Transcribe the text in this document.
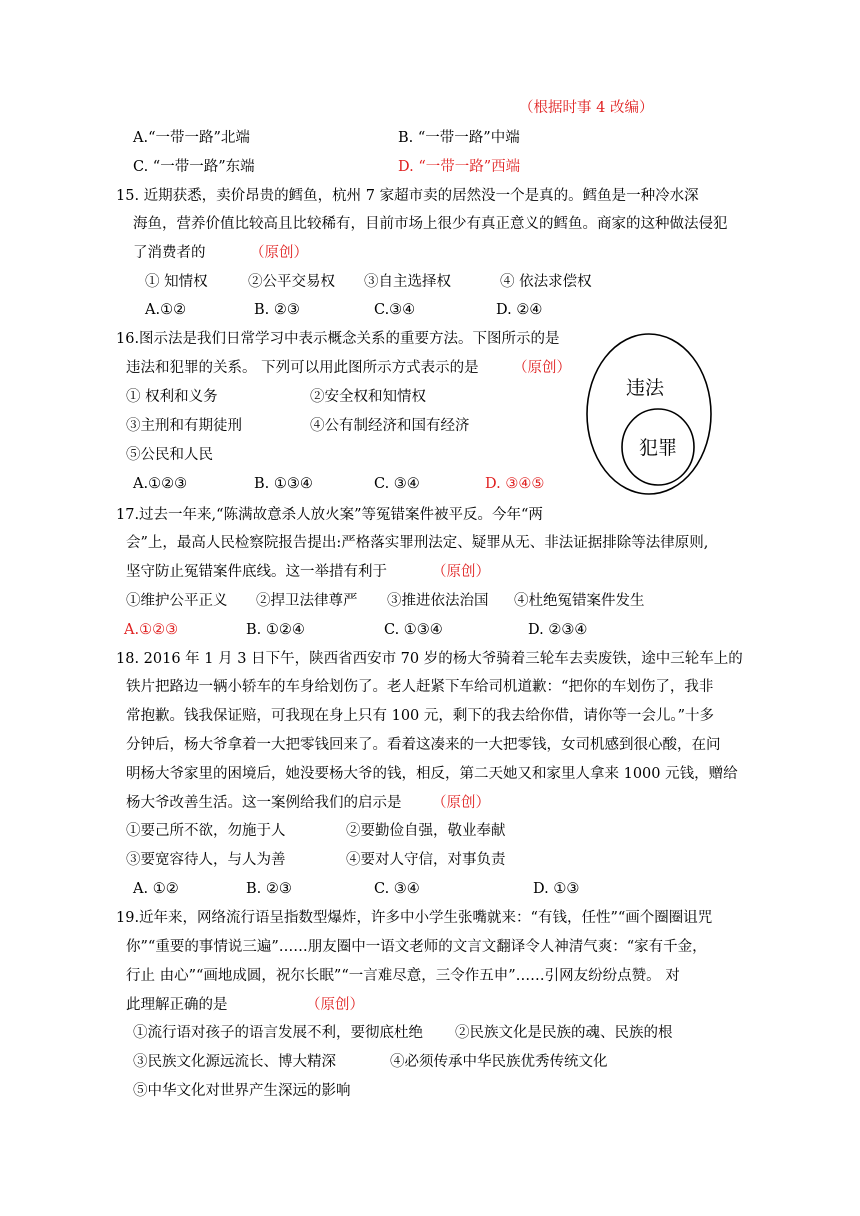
（根据时事 4 改编）
A.“一带一路”北端	B. “一带一路”中端
C. “一带一路”东端	D. “一带一路”西端
15. 近期获悉，卖价昂贵的鳕鱼，杭州 7 家超市卖的居然没一个是真的。鳕鱼是一种冷水深
海鱼，营养价值比较高且比较稀有，目前市场上很少有真正意义的鳕鱼。商家的这种做法侵犯
了消费者的	（原创）
① 知情权	②公平交易权 ③自主选择权	④ 依法求偿权
A.①②	B. ②③	C.③④	D. ②④
16.图示法是我们日常学习中表示概念关系的重要方法。下图所示的是
违法和犯罪的关系。 下列可以用此图所示方式表示的是 （原创）
① 权利和义务	②安全权和知情权
③主刑和有期徒刑	④公有制经济和国有经济
⑤公民和人民
A.①②③	B. ①③④	C. ③④	D. ③④⑤
违法
犯罪
17.过去一年来,“陈满故意杀人放火案”等冤错案件被平反。今年“两
会”上，最高人民检察院报告提出:严格落实罪刑法定、疑罪从无、非法证据排除等法律原则,
坚守防止冤错案件底线。这一举措有利于	（原创）
①维护公平正义 ②捍卫法律尊严 ③推进依法治国 ④杜绝冤错案件发生
A.①②③	B. ①②④	C. ①③④	D. ②③④
18. 2016 年 1 月 3 日下午，陕西省西安市 70 岁的杨大爷骑着三轮车去卖废铁，途中三轮车上的
铁片把路边一辆小轿车的车身给划伤了。老人赶紧下车给司机道歉：“把你的车划伤了，我非
常抱歉。钱我保证赔，可我现在身上只有 100 元，剩下的我去给你借，请你等一会儿。”十多
分钟后，杨大爷拿着一大把零钱回来了。看着这凑来的一大把零钱，女司机感到很心酸，在问
明杨大爷家里的困境后，她没要杨大爷的钱，相反，第二天她又和家里人拿来 1000 元钱，赠给
杨大爷改善生活。这一案例给我们的启示是 （原创）
①要己所不欲，勿施于人	②要勤俭自强，敬业奉献
③要宽容待人，与人为善	④要对人守信，对事负责
A. ①②	B. ②③	C. ③④	D. ①③
19.近年来，网络流行语呈指数型爆炸，许多中小学生张嘴就来：“有钱，任性”“画个圈圈诅咒
你”“重要的事情说三遍”……朋友圈中一语文老师的文言文翻译令人神清气爽：“家有千金，
行止 由心”“画地成圆，祝尔长眠”“一言难尽意，三令作五申”……引网友纷纷点赞。 对
此理解正确的是	（原创）
①流行语对孩子的语言发展不利，要彻底杜绝 ②民族文化是民族的魂、民族的根
③民族文化源远流长、博大精深	④必须传承中华民族优秀传统文化
⑤中华文化对世界产生深远的影响
